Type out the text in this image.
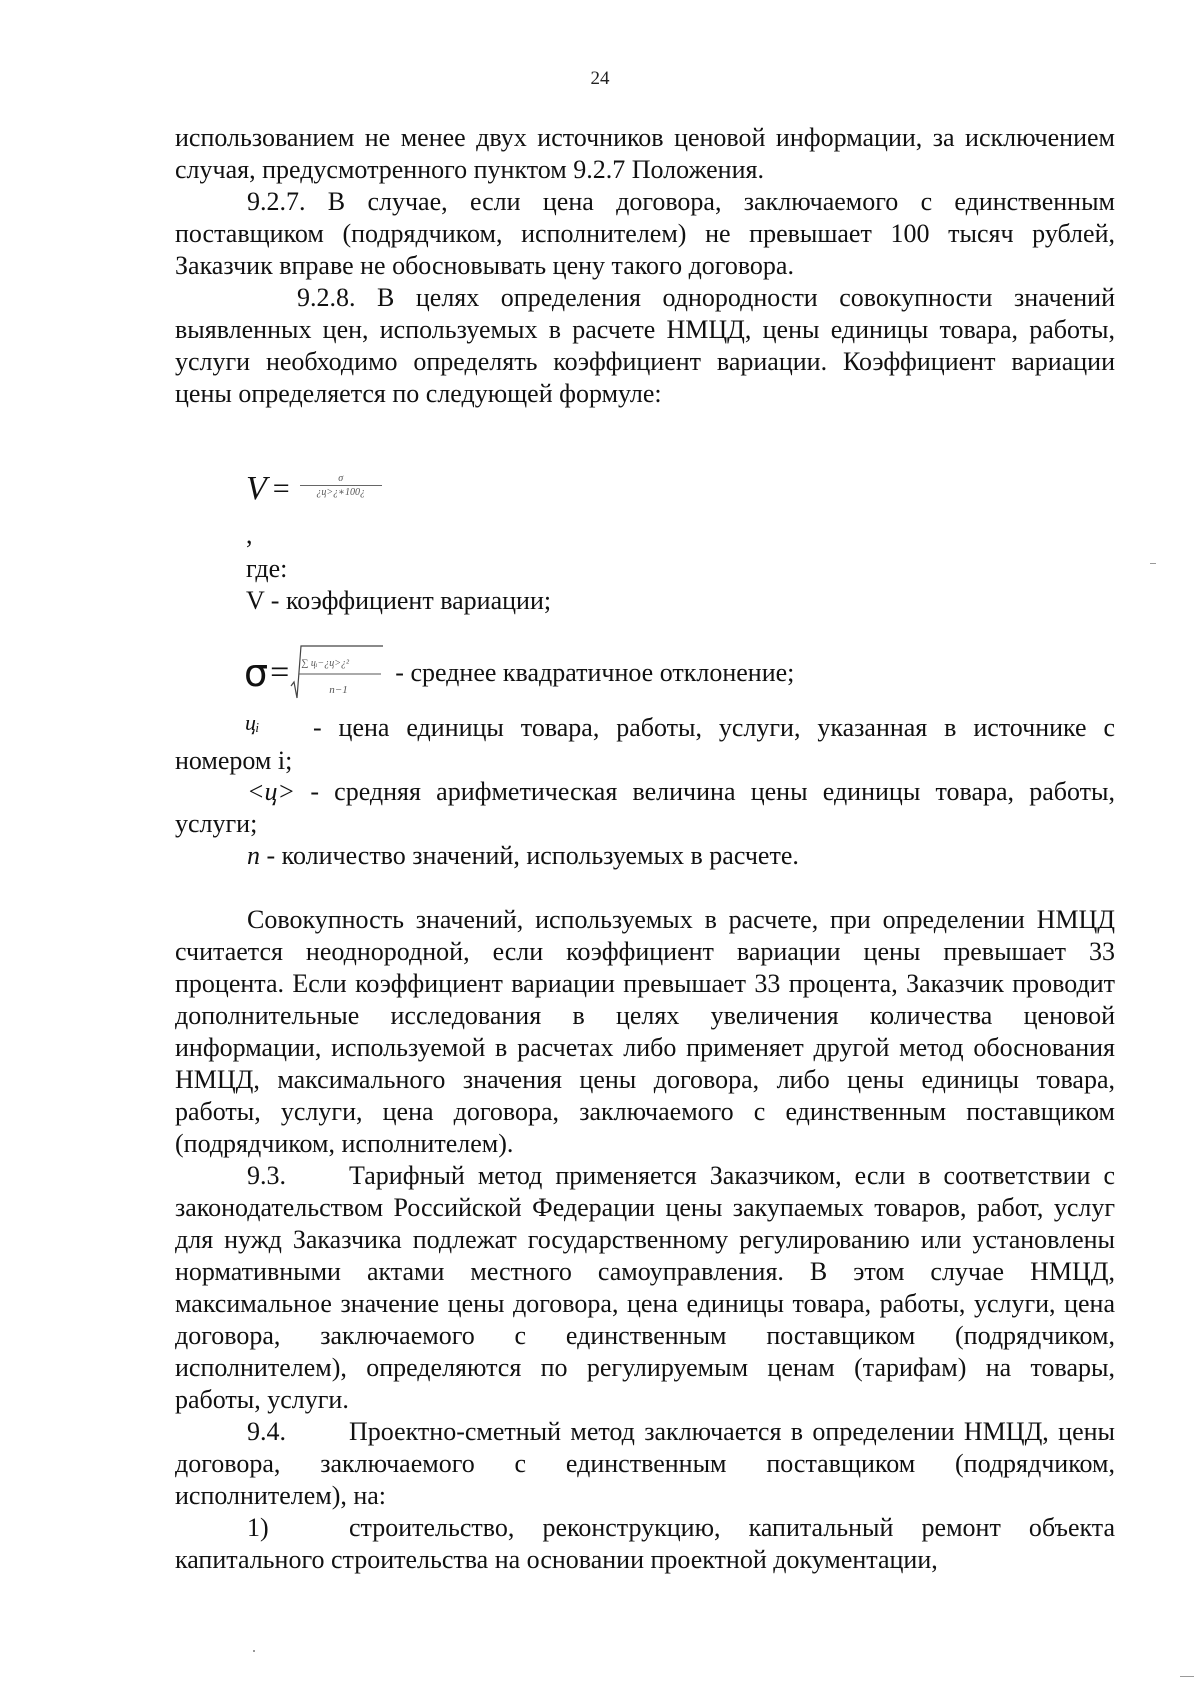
24

использованием не менее двух источников ценовой информации, за исключением случая, предусмотренного пунктом 9.2.7 Положения.

9.2.7. В случае, если цена договора, заключаемого с единственным поставщиком (подрядчиком, исполнителем) не превышает 100 тысяч рублей, Заказчик вправе не обосновывать цену такого договора.

9.2.8. В целях определения однородности совокупности значений выявленных цен, используемых в расчете НМЦД, цены единицы товара, работы, услуги необходимо определять коэффициент вариации. Коэффициент вариации цены определяется по следующей формуле:

$V = \frac{\sigma}{¿ц>¿∗100¿}$
,
где:
V - коэффициент вариации;
σ = ∑ цᵢ−¿ц>¿²
n−1
- среднее квадратичное отклонение;
цᵢ - цена единицы товара, работы, услуги, указанная в источнике с номером i;

<ц> - средняя арифметическая величина цены единицы товара, работы, услуги;

n - количество значений, используемых в расчете.

Совокупность значений, используемых в расчете, при определении НМЦД считается неоднородной, если коэффициент вариации цены превышает 33 процента. Если коэффициент вариации превышает 33 процента, Заказчик проводит дополнительные исследования в целях увеличения количества ценовой информации, используемой в расчетах либо применяет другой метод обоснования НМЦД, максимального значения цены договора, либо цены единицы товара, работы, услуги, цена договора, заключаемого с единственным поставщиком (подрядчиком, исполнителем).

9.3. Тарифный метод применяется Заказчиком, если в соответствии с законодательством Российской Федерации цены закупаемых товаров, работ, услуг для нужд Заказчика подлежат государственному регулированию или установлены нормативными актами местного самоуправления. В этом случае НМЦД, максимальное значение цены договора, цена единицы товара, работы, услуги, цена договора, заключаемого с единственным поставщиком (подрядчиком, исполнителем), определяются по регулируемым ценам (тарифам) на товары, работы, услуги.

9.4. Проектно-сметный метод заключается в определении НМЦД, цены договора, заключаемого с единственным поставщиком (подрядчиком, исполнителем), на:

1)	строительство, реконструкцию, капитальный ремонт объекта капитального строительства на основании проектной документации,
